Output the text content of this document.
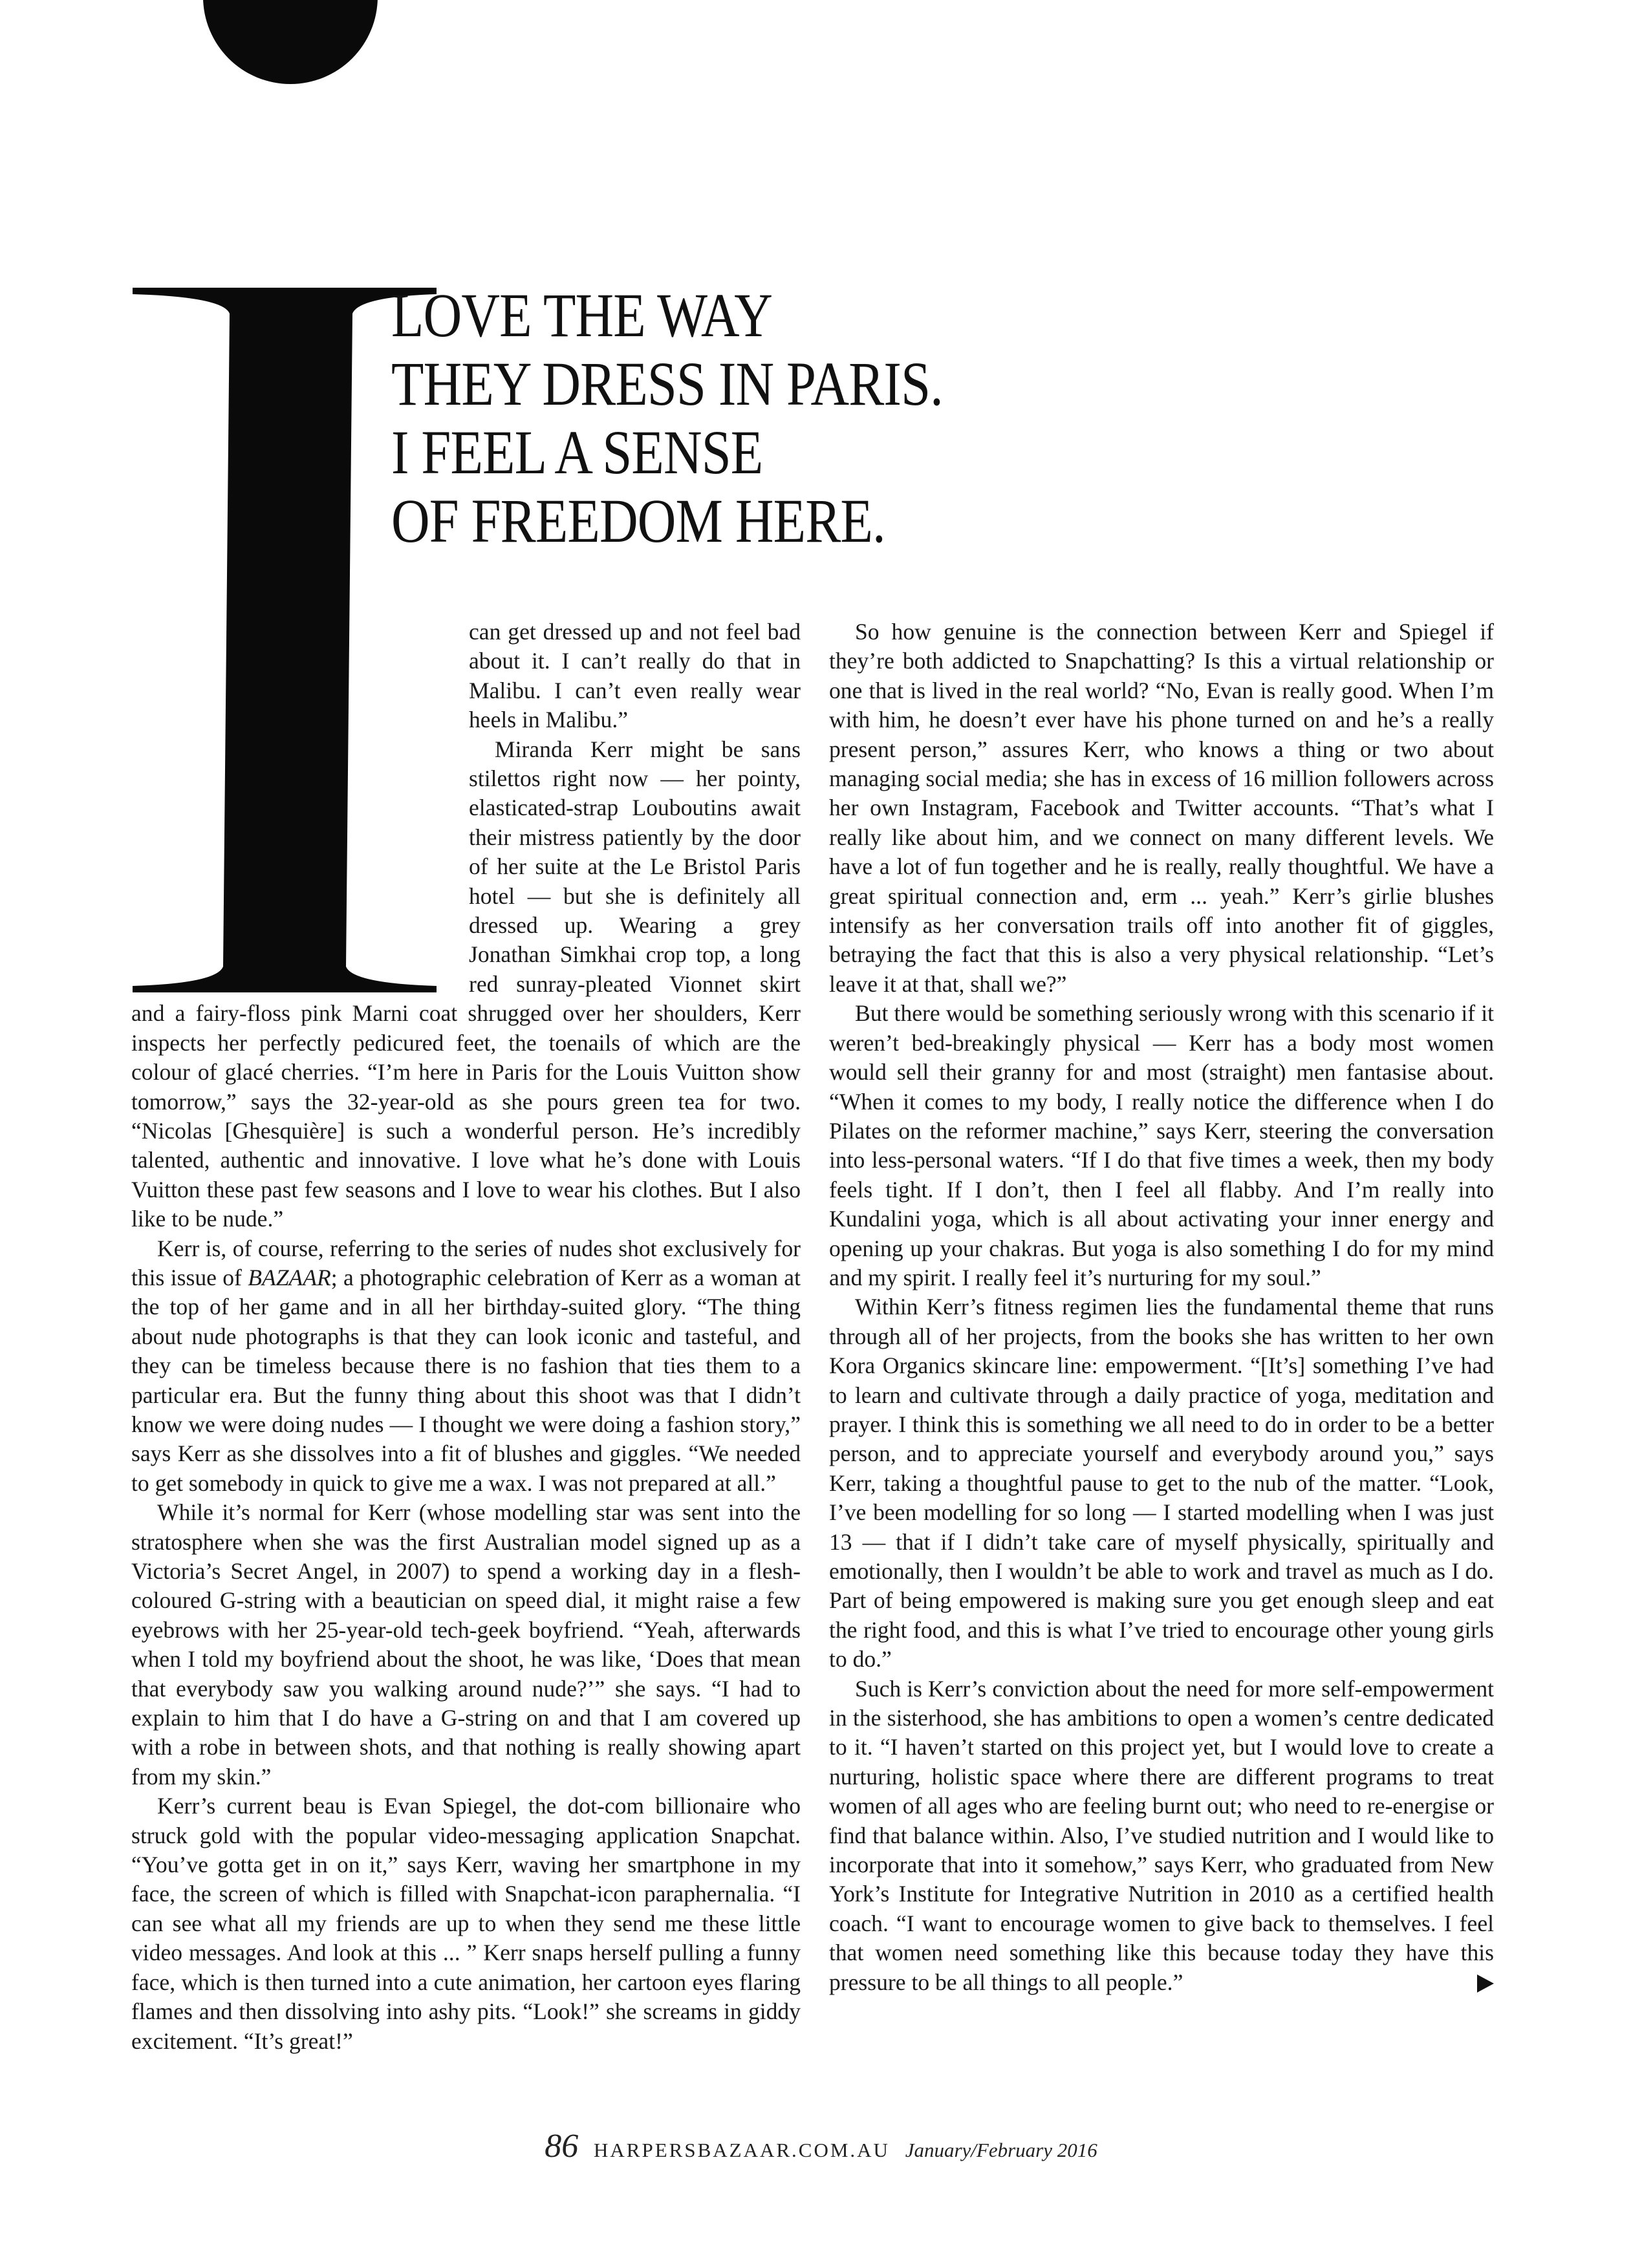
LOVE THE WAY
THEY DRESS IN PARIS.
I FEEL A SENSE
OF FREEDOM HERE.

can get dressed up and not feel bad about it. I can’t really do that in Malibu. I can’t even really wear heels in Malibu.”

Miranda Kerr might be sans stilettos right now — her pointy, elasticated-strap Louboutins await their mistress patiently by the door of her suite at the Le Bristol Paris hotel — but she is definitely all dressed up. Wearing a grey Jonathan Simkhai crop top, a long red sunray-pleated Vionnet skirt and a fairy-floss pink Marni coat shrugged over her shoulders, Kerr inspects her perfectly pedicured feet, the toenails of which are the colour of glacé cherries. “I’m here in Paris for the Louis Vuitton show tomorrow,” says the 32-year-old as she pours green tea for two. “Nicolas [Ghesquière] is such a wonderful person. He’s incredibly talented, authentic and innovative. I love what he’s done with Louis Vuitton these past few seasons and I love to wear his clothes. But I also like to be nude.”

Kerr is, of course, referring to the series of nudes shot exclusively for this issue of BAZAAR; a photographic celebration of Kerr as a woman at the top of her game and in all her birthday-suited glory. “The thing about nude photographs is that they can look iconic and tasteful, and they can be timeless because there is no fashion that ties them to a particular era. But the funny thing about this shoot was that I didn’t know we were doing nudes — I thought we were doing a fashion story,” says Kerr as she dissolves into a fit of blushes and giggles. “We needed to get somebody in quick to give me a wax. I was not prepared at all.”

While it’s normal for Kerr (whose modelling star was sent into the stratosphere when she was the first Australian model signed up as a Victoria’s Secret Angel, in 2007) to spend a working day in a flesh-coloured G-string with a beautician on speed dial, it might raise a few eyebrows with her 25-year-old tech-geek boyfriend. “Yeah, afterwards when I told my boyfriend about the shoot, he was like, ‘Does that mean that everybody saw you walking around nude?’” she says. “I had to explain to him that I do have a G-string on and that I am covered up with a robe in between shots, and that nothing is really showing apart from my skin.”

Kerr’s current beau is Evan Spiegel, the dot-com billionaire who struck gold with the popular video-messaging application Snapchat. “You’ve gotta get in on it,” says Kerr, waving her smartphone in my face, the screen of which is filled with Snapchat-icon paraphernalia. “I can see what all my friends are up to when they send me these little video messages. And look at this ... ” Kerr snaps herself pulling a funny face, which is then turned into a cute animation, her cartoon eyes flaring flames and then dissolving into ashy pits. “Look!” she screams in giddy excitement. “It’s great!”

So how genuine is the connection between Kerr and Spiegel if they’re both addicted to Snapchatting? Is this a virtual relationship or one that is lived in the real world? “No, Evan is really good. When I’m with him, he doesn’t ever have his phone turned on and he’s a really present person,” assures Kerr, who knows a thing or two about managing social media; she has in excess of 16 million followers across her own Instagram, Facebook and Twitter accounts. “That’s what I really like about him, and we connect on many different levels. We have a lot of fun together and he is really, really thoughtful. We have a great spiritual connection and, erm ... yeah.” Kerr’s girlie blushes intensify as her conversation trails off into another fit of giggles, betraying the fact that this is also a very physical relationship. “Let’s leave it at that, shall we?”

But there would be something seriously wrong with this scenario if it weren’t bed-breakingly physical — Kerr has a body most women would sell their granny for and most (straight) men fantasise about. “When it comes to my body, I really notice the difference when I do Pilates on the reformer machine,” says Kerr, steering the conversation into less-personal waters. “If I do that five times a week, then my body feels tight. If I don’t, then I feel all flabby. And I’m really into Kundalini yoga, which is all about activating your inner energy and opening up your chakras. But yoga is also something I do for my mind and my spirit. I really feel it’s nurturing for my soul.”

Within Kerr’s fitness regimen lies the fundamental theme that runs through all of her projects, from the books she has written to her own Kora Organics skincare line: empowerment. “[It’s] something I’ve had to learn and cultivate through a daily practice of yoga, meditation and prayer. I think this is something we all need to do in order to be a better person, and to appreciate yourself and everybody around you,” says Kerr, taking a thoughtful pause to get to the nub of the matter. “Look, I’ve been modelling for so long — I started modelling when I was just 13 — that if I didn’t take care of myself physically, spiritually and emotionally, then I wouldn’t be able to work and travel as much as I do. Part of being empowered is making sure you get enough sleep and eat the right food, and this is what I’ve tried to encourage other young girls to do.”

Such is Kerr’s conviction about the need for more self-empowerment in the sisterhood, she has ambitions to open a women’s centre dedicated to it. “I haven’t started on this project yet, but I would love to create a nurturing, holistic space where there are different programs to treat women of all ages who are feeling burnt out; who need to re-energise or find that balance within. Also, I’ve studied nutrition and I would like to incorporate that into it somehow,” says Kerr, who graduated from New York’s Institute for Integrative Nutrition in 2010 as a certified health coach. “I want to encourage women to give back to themselves. I feel that women need something like this because today they have this pressure to be all things to all people.”

86 HARPERSBAZAAR.COM.AU January/February 2016
